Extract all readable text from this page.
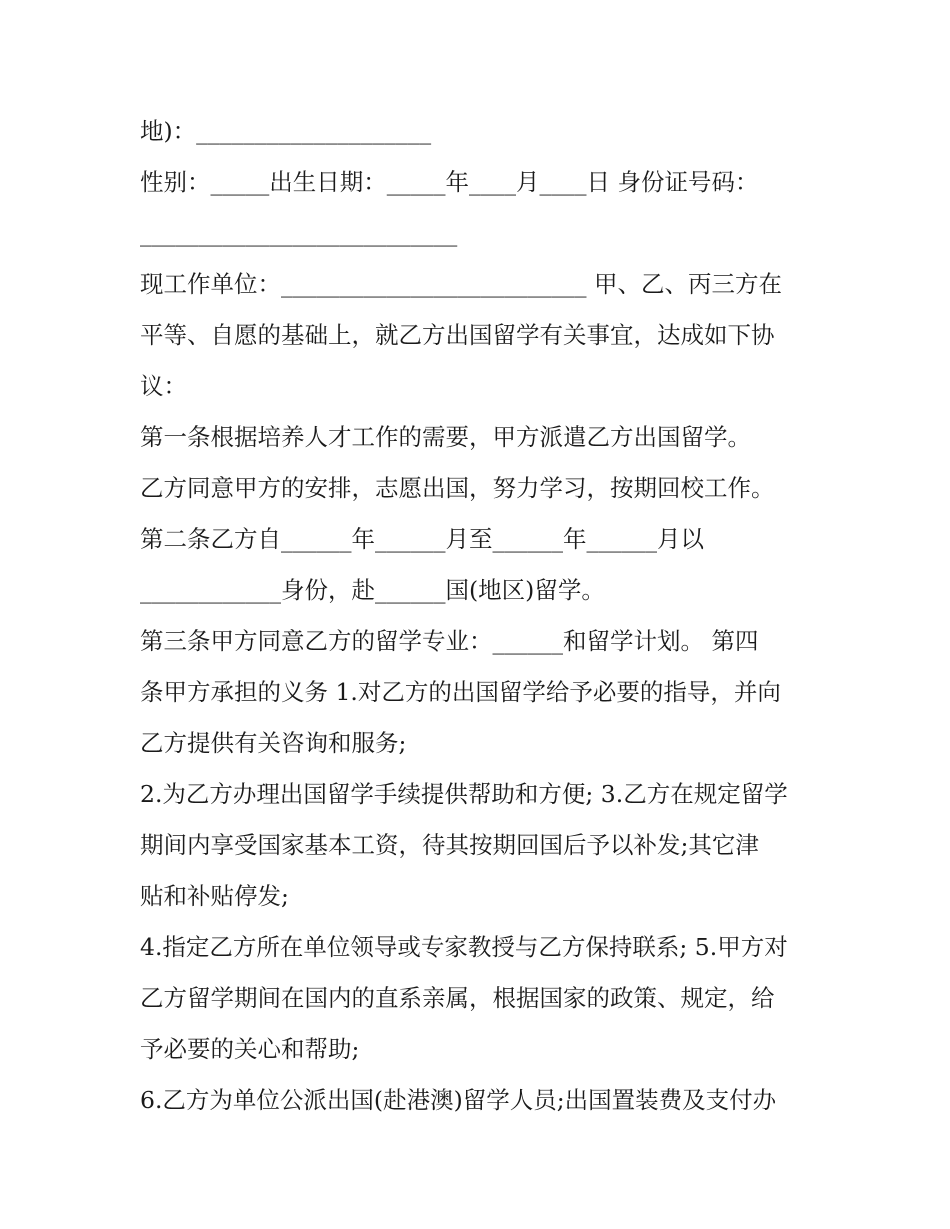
地)：____________________
性别：_____出生日期：_____年____月____日 身份证号码：
___________________________
现工作单位：__________________________ 甲、乙、丙三方在
平等、自愿的基础上，就乙方出国留学有关事宜，达成如下协
议：
第一条根据培养人才工作的需要，甲方派遣乙方出国留学。
乙方同意甲方的安排，志愿出国，努力学习，按期回校工作。
第二条乙方自______年______月至______年______月以
____________身份，赴______国(地区)留学。
第三条甲方同意乙方的留学专业：______和留学计划。 第四
条甲方承担的义务 1.对乙方的出国留学给予必要的指导，并向
乙方提供有关咨询和服务;
2.为乙方办理出国留学手续提供帮助和方便; 3.乙方在规定留学
期间内享受国家基本工资，待其按期回国后予以补发;其它津
贴和补贴停发;
4.指定乙方所在单位领导或专家教授与乙方保持联系; 5.甲方对
乙方留学期间在国内的直系亲属，根据国家的政策、规定，给
予必要的关心和帮助;
6.乙方为单位公派出国(赴港澳)留学人员;出国置装费及支付办
